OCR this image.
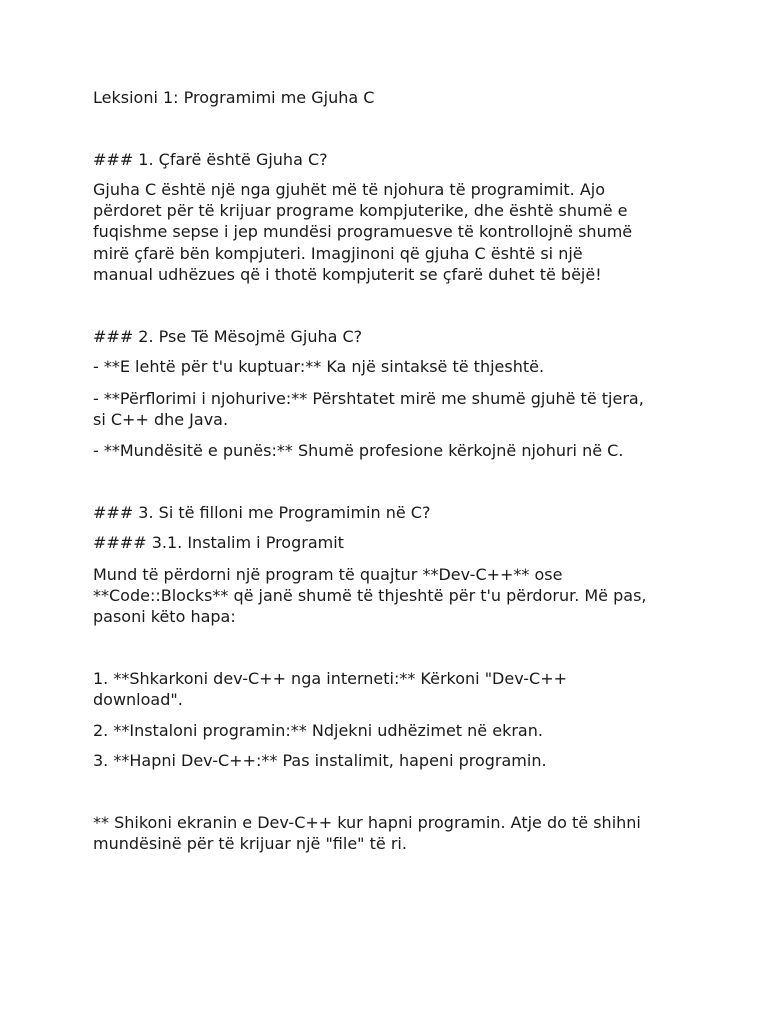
Leksioni 1: Programimi me Gjuha C
### 1. Çfarë është Gjuha C?
Gjuha C është një nga gjuhët më të njohura të programimit. Ajo
përdoret për të krijuar programe kompjuterike, dhe është shumë e
fuqishme sepse i jep mundësi programuesve të kontrollojnë shumë
mirë çfarë bën kompjuteri. Imagjinoni që gjuha C është si një
manual udhëzues që i thotë kompjuterit se çfarë duhet të bëjë!
### 2. Pse Të Mësojmë Gjuha C?
- **E lehtë për t'u kuptuar:** Ka një sintaksë të thjeshtë.
- **Përflorimi i njohurive:** Përshtatet mirë me shumë gjuhë të tjera,
si C++ dhe Java.
- **Mundësitë e punës:** Shumë profesione kërkojnë njohuri në C.
### 3. Si të filloni me Programimin në C?
#### 3.1. Instalim i Programit
Mund të përdorni një program të quajtur **Dev-C++** ose
**Code::Blocks** që janë shumë të thjeshtë për t'u përdorur. Më pas,
pasoni këto hapa:
1. **Shkarkoni dev-C++ nga interneti:** Kërkoni "Dev-C++
download".
2. **Instaloni programin:** Ndjekni udhëzimet në ekran.
3. **Hapni Dev-C++:** Pas instalimit, hapeni programin.
** Shikoni ekranin e Dev-C++ kur hapni programin. Atje do të shihni
mundësinë për të krijuar një "file" të ri.
